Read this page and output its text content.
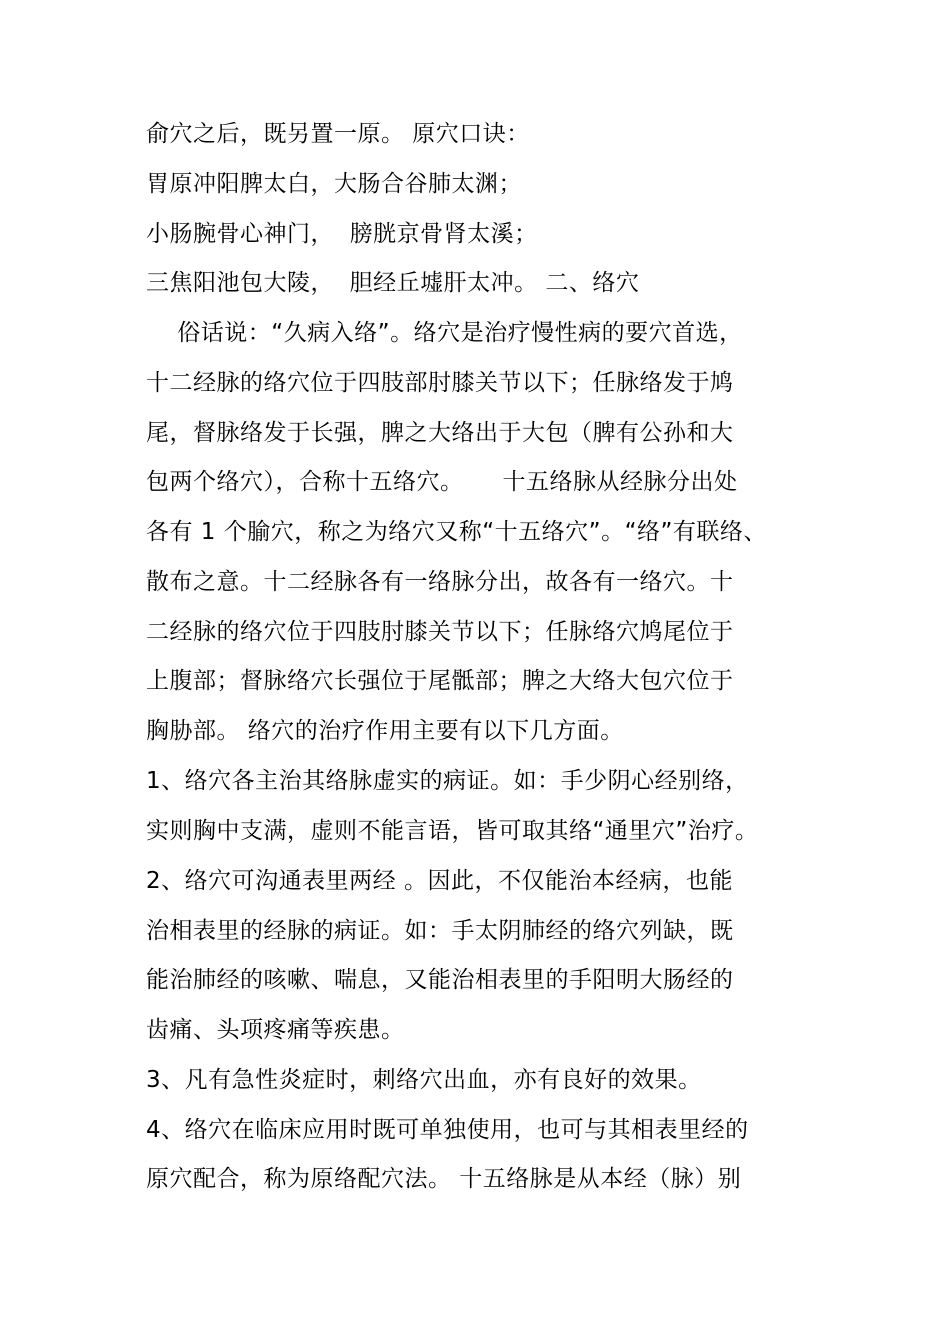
俞穴之后，既另置一原。 原穴口诀：
胃原冲阳脾太白，大肠合谷肺太渊；
小肠腕骨心神门，  膀胱京骨肾太溪；
三焦阳池包大陵，  胆经丘墟肝太冲。 二、络穴
俗话说：“久病入络”。络穴是治疗慢性病的要穴首选，
十二经脉的络穴位于四肢部肘膝关节以下；任脉络发于鸠
尾，督脉络发于长强，脾之大络出于大包（脾有公孙和大
包两个络穴），合称十五络穴。     十五络脉从经脉分出处
各有 1 个腧穴，称之为络穴又称“十五络穴”。“络”有联络、
散布之意。十二经脉各有一络脉分出，故各有一络穴。十
二经脉的络穴位于四肢肘膝关节以下；任脉络穴鸠尾位于
上腹部；督脉络穴长强位于尾骶部；脾之大络大包穴位于
胸胁部。 络穴的治疗作用主要有以下几方面。
1、络穴各主治其络脉虚实的病证。如：手少阴心经别络，
实则胸中支满，虚则不能言语，皆可取其络“通里穴”治疗。
2、络穴可沟通表里两经 。因此，不仅能治本经病，也能
治相表里的经脉的病证。如：手太阴肺经的络穴列缺，既
能治肺经的咳嗽、喘息，又能治相表里的手阳明大肠经的
齿痛、头项疼痛等疾患。
3、凡有急性炎症时，刺络穴出血，亦有良好的效果。
4、络穴在临床应用时既可单独使用，也可与其相表里经的
原穴配合，称为原络配穴法。 十五络脉是从本经（脉）别
